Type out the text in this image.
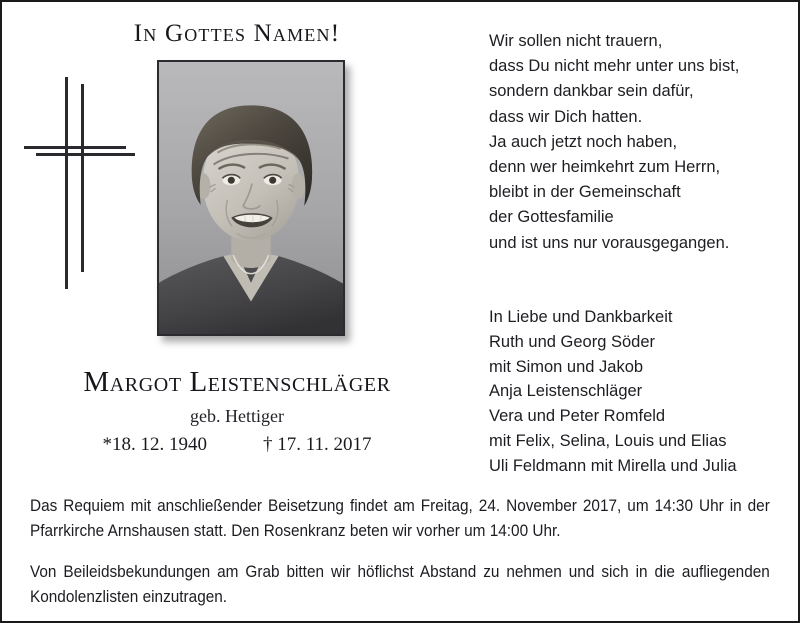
In Gottes Namen!
Margot Leistenschläger
geb. Hettiger
*18. 12. 1940	† 17. 11. 2017
Wir sollen nicht trauern,
dass Du nicht mehr unter uns bist,
sondern dankbar sein dafür,
dass wir Dich hatten.
Ja auch jetzt noch haben,
denn wer heimkehrt zum Herrn,
bleibt in der Gemeinschaft
der Gottesfamilie
und ist uns nur vorausgegangen.
In Liebe und Dankbarkeit
Ruth und Georg Söder
mit Simon und Jakob
Anja Leistenschläger
Vera und Peter Romfeld
mit Felix, Selina, Louis und Elias
Uli Feldmann mit Mirella und Julia

Das Requiem mit anschließender Beisetzung findet am Freitag, 24. November 2017, um 14:30 Uhr in der Pfarrkirche Arnshausen statt. Den Rosenkranz beten wir vorher um 14:00 Uhr.

Von Beileidsbekundungen am Grab bitten wir höflichst Abstand zu nehmen und sich in die aufliegenden Kondolenzlisten einzutragen.
